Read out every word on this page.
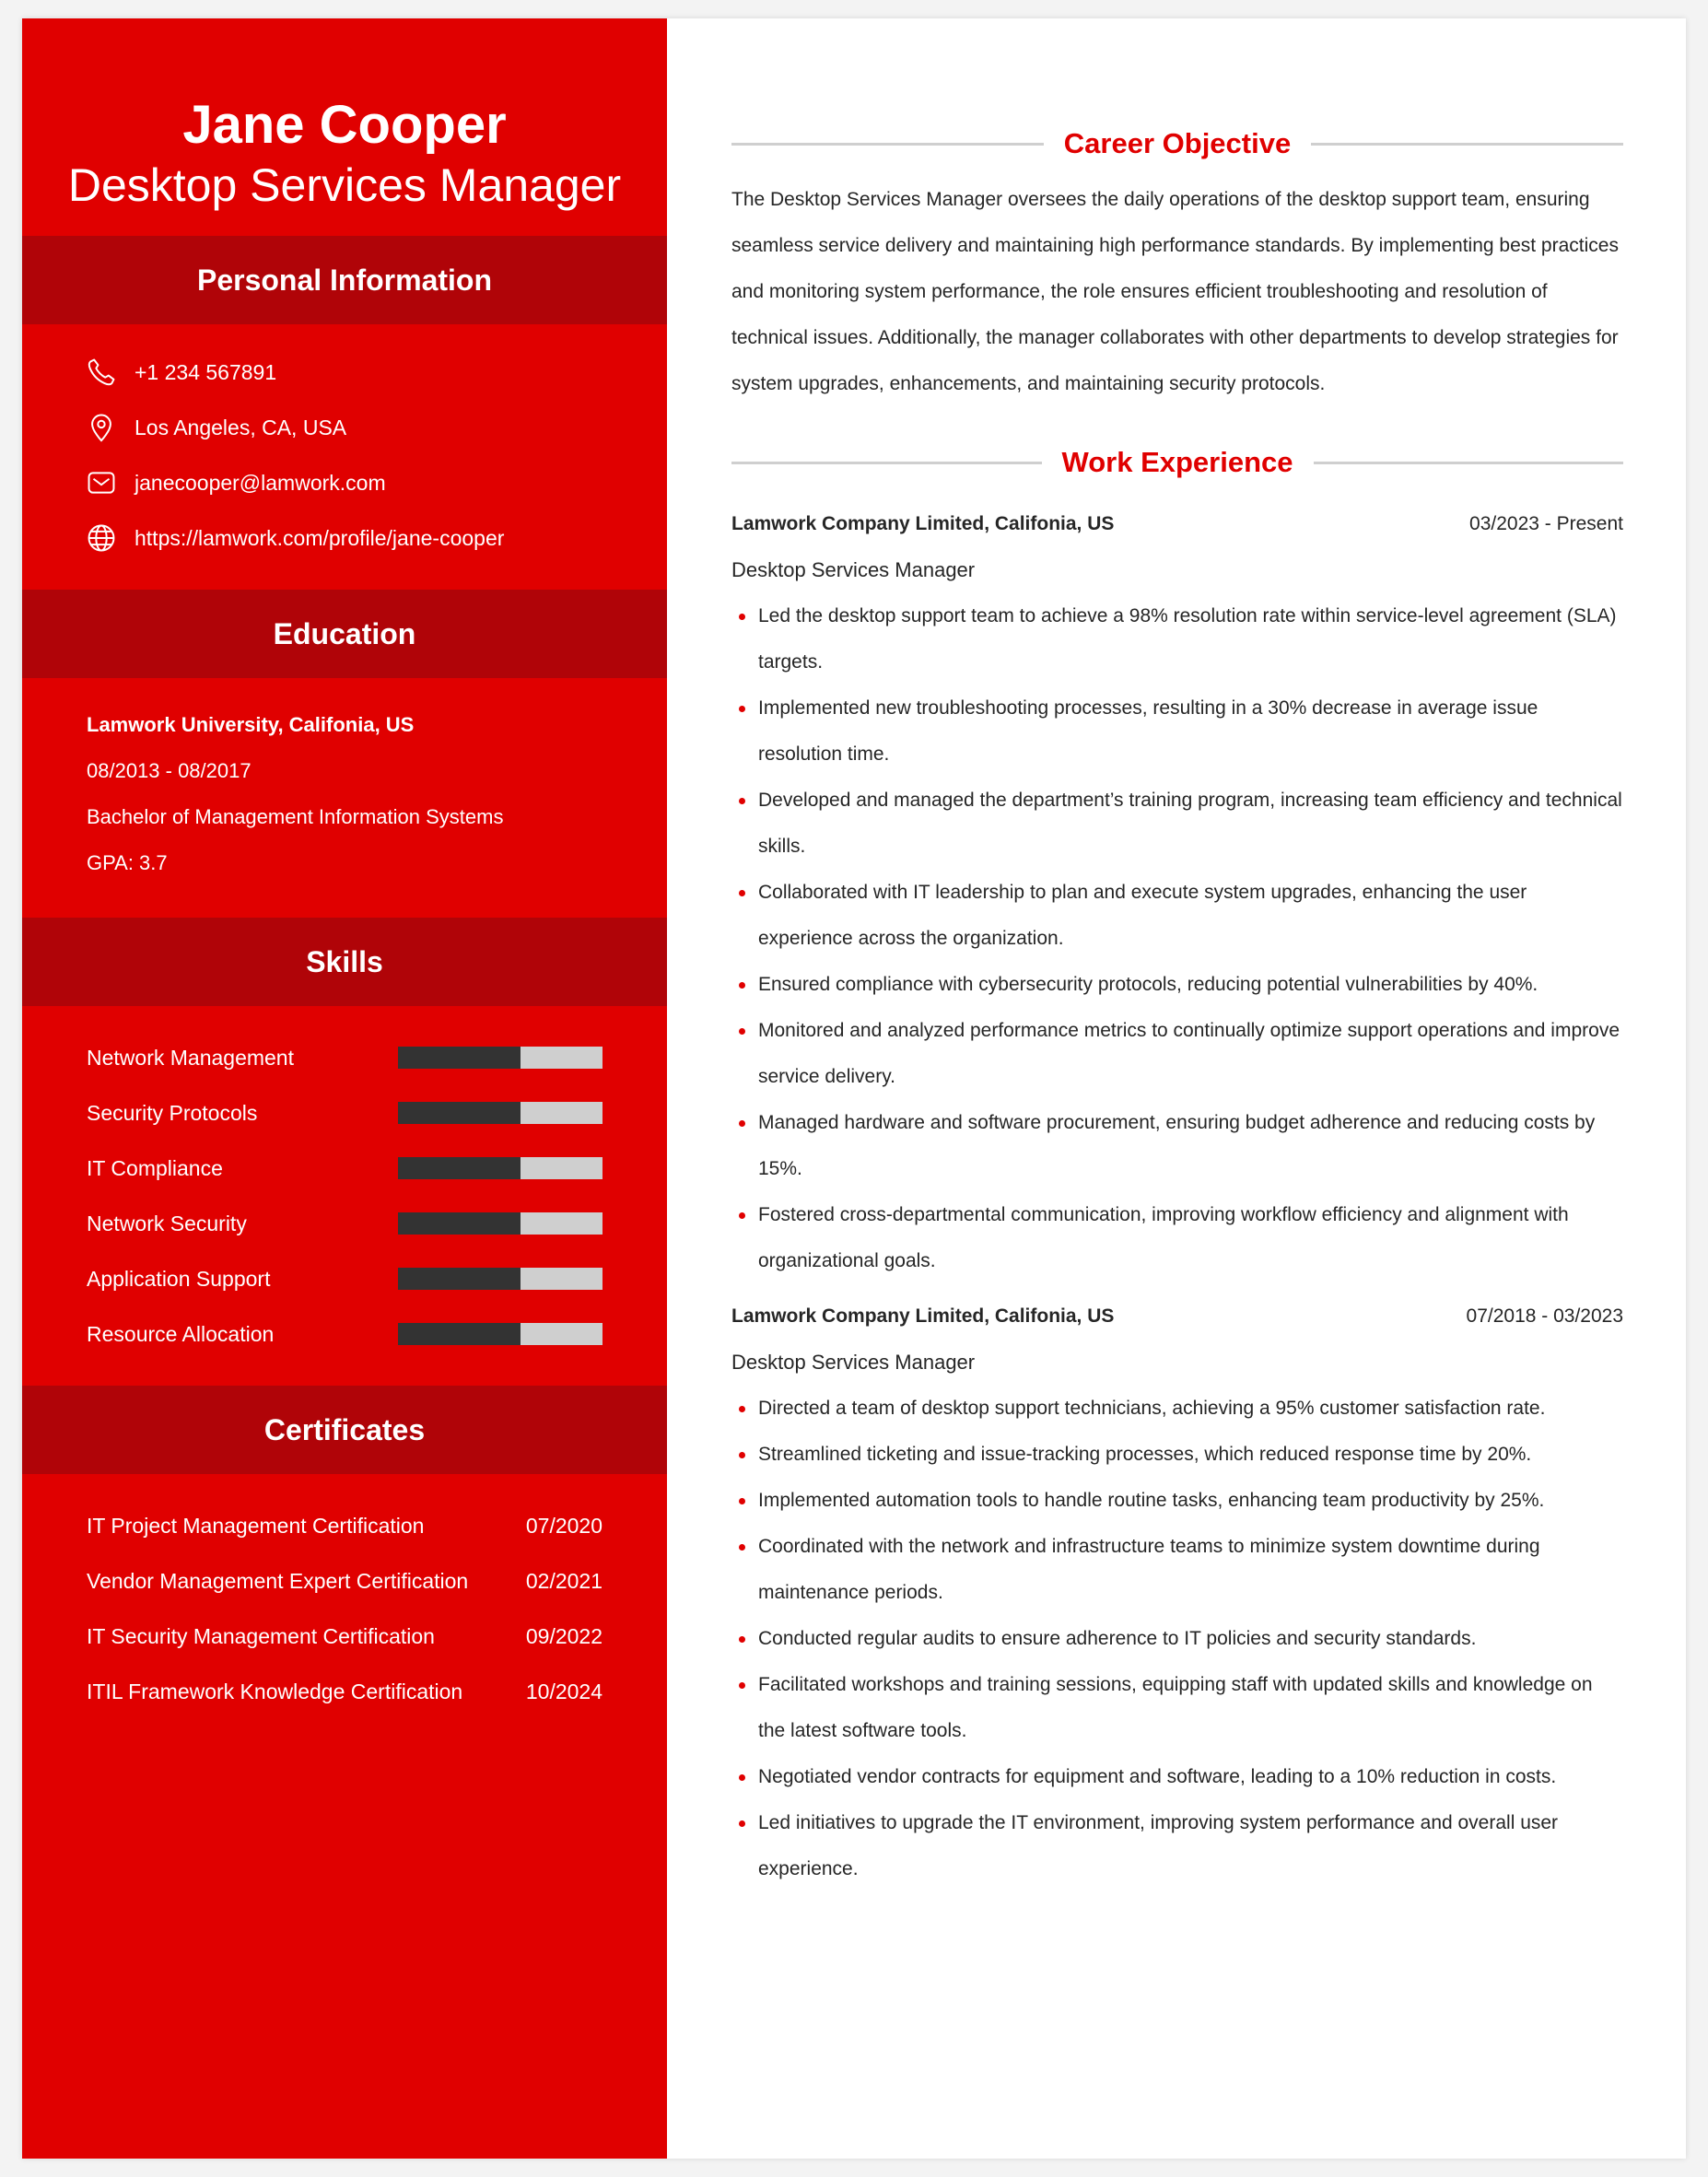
Jane Cooper
Desktop Services Manager
Personal Information
+1 234 567891
Los Angeles, CA, USA
janecooper@lamwork.com
https://lamwork.com/profile/jane-cooper
Education
Lamwork University, Califonia, US
08/2013 - 08/2017
Bachelor of Management Information Systems
GPA: 3.7
Skills
Network Management
Security Protocols
IT Compliance
Network Security
Application Support
Resource Allocation
Certificates
IT Project Management Certification	07/2020
Vendor Management Expert Certification	02/2021
IT Security Management Certification	09/2022
ITIL Framework Knowledge Certification	10/2024
Career Objective
The Desktop Services Manager oversees the daily operations of the desktop support team, ensuring seamless service delivery and maintaining high performance standards. By implementing best practices and monitoring system performance, the role ensures efficient troubleshooting and resolution of technical issues. Additionally, the manager collaborates with other departments to develop strategies for system upgrades, enhancements, and maintaining security protocols.
Work Experience
Lamwork Company Limited, Califonia, US	03/2023 - Present
Desktop Services Manager
Led the desktop support team to achieve a 98% resolution rate within service-level agreement (SLA) targets.
Implemented new troubleshooting processes, resulting in a 30% decrease in average issue resolution time.
Developed and managed the department’s training program, increasing team efficiency and technical skills.
Collaborated with IT leadership to plan and execute system upgrades, enhancing the user experience across the organization.
Ensured compliance with cybersecurity protocols, reducing potential vulnerabilities by 40%.
Monitored and analyzed performance metrics to continually optimize support operations and improve service delivery.
Managed hardware and software procurement, ensuring budget adherence and reducing costs by 15%.
Fostered cross-departmental communication, improving workflow efficiency and alignment with organizational goals.
Lamwork Company Limited, Califonia, US	07/2018 - 03/2023
Desktop Services Manager
Directed a team of desktop support technicians, achieving a 95% customer satisfaction rate.
Streamlined ticketing and issue-tracking processes, which reduced response time by 20%.
Implemented automation tools to handle routine tasks, enhancing team productivity by 25%.
Coordinated with the network and infrastructure teams to minimize system downtime during maintenance periods.
Conducted regular audits to ensure adherence to IT policies and security standards.
Facilitated workshops and training sessions, equipping staff with updated skills and knowledge on the latest software tools.
Negotiated vendor contracts for equipment and software, leading to a 10% reduction in costs.
Led initiatives to upgrade the IT environment, improving system performance and overall user experience.
